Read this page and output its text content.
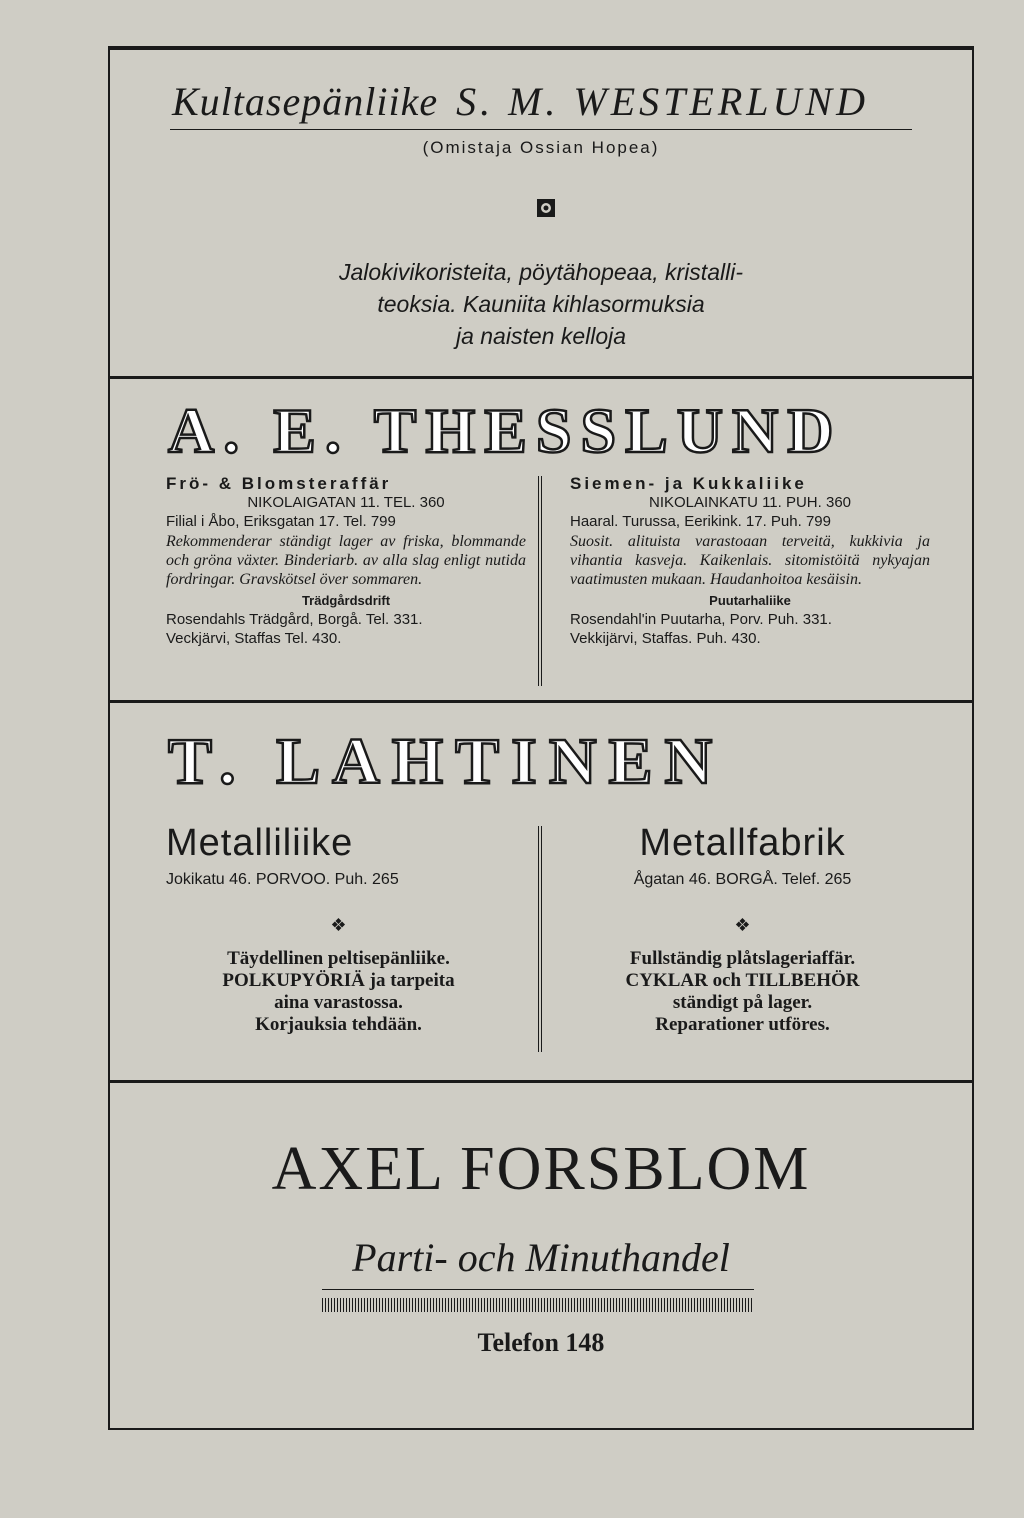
Kultasepänliike S. M. WESTERLUND
(Omistaja Ossian Hopea)
Jalokivikoristeita, pöytähopeaa, kristalli-
teoksia. Kauniita kihlasormuksia
ja naisten kelloja
A. E. THESSLUND
Frö- & Blomsteraffär
NIKOLAIGATAN 11. TEL. 360
Filial i Åbo, Eriksgatan 17. Tel. 799
Rekommenderar ständigt lager av friska, blommande och gröna växter. Binderiarb. av alla slag enligt nutida fordringar. Gravskötsel över sommaren.
Trädgårdsdrift
Rosendahls Trädgård, Borgå. Tel. 331.
Veckjärvi, Staffas Tel. 430.
Siemen- ja Kukkaliike
NIKOLAINKATU 11. PUH. 360
Haaral. Turussa, Eerikink. 17. Puh. 799
Suosit. alituista varastoaan terveitä, kukkivia ja vihantia kasveja. Kaikenlais. sitomistöitä nykyajan vaatimusten mukaan. Haudanhoitoa kesäisin.
Puutarhaliike
Rosendahl'in Puutarha, Porv. Puh. 331.
Vekkijärvi, Staffas. Puh. 430.
T. LAHTINEN
Metalliliike
Jokikatu 46. PORVOO. Puh. 265
❖
Täydellinen peltisepänliike.
POLKUPYÖRIÄ ja tarpeita
aina varastossa.
Korjauksia tehdään.
Metallfabrik
Ågatan 46. BORGÅ. Telef. 265
❖
Fullständig plåtslageriaffär.
CYKLAR och TILLBEHÖR
ständigt på lager.
Reparationer utföres.
AXEL FORSBLOM
Parti- och Minuthandel
Telefon 148
